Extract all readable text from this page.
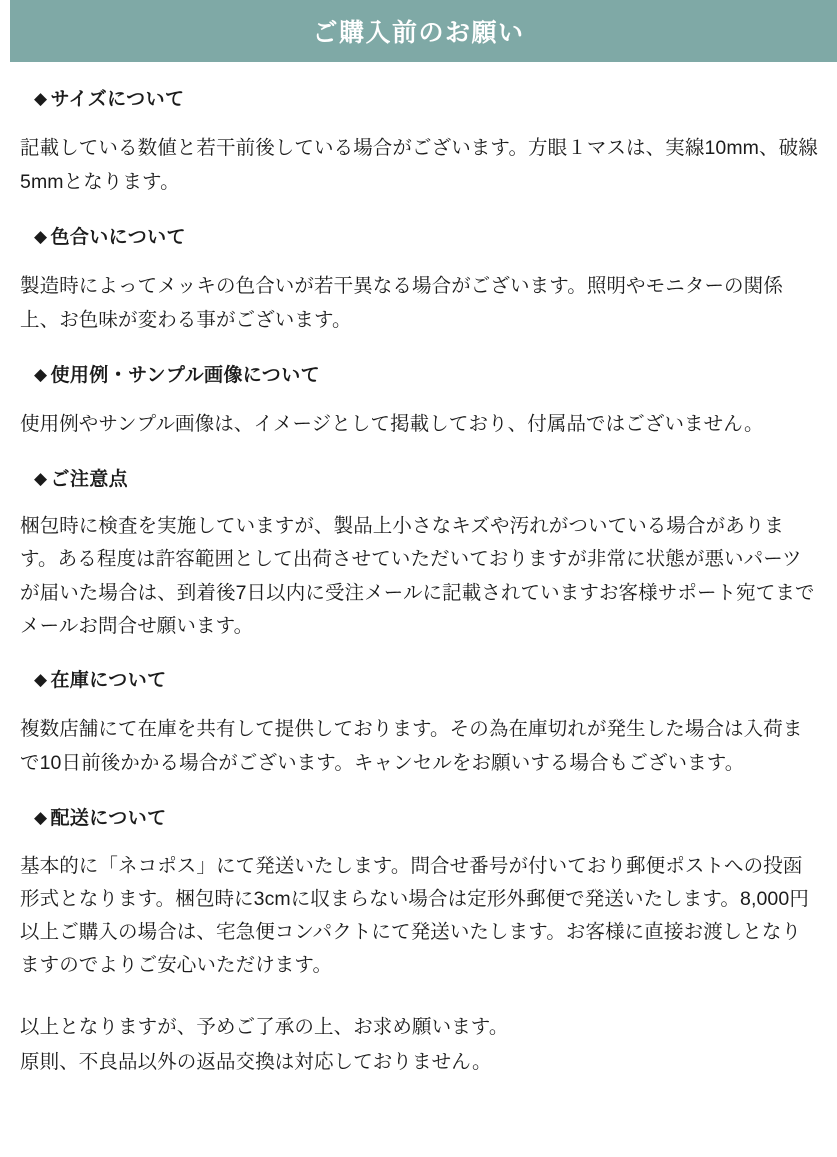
ご購入前のお願い
◆ サイズについて
記載している数値と若干前後している場合がございます。方眼１マスは、実線10mm、破線5mmとなります。
◆ 色合いについて
製造時によってメッキの色合いが若干異なる場合がございます。照明やモニターの関係上、お色味が変わる事がございます。
◆ 使用例・サンプル画像について
使用例やサンプル画像は、イメージとして掲載しており、付属品ではございません。
◆ ご注意点
梱包時に検査を実施していますが、製品上小さなキズや汚れがついている場合があります。ある程度は許容範囲として出荷させていただいておりますが非常に状態が悪いパーツが届いた場合は、到着後7日以内に受注メールに記載されていますお客様サポート宛てまでメールお問合せ願います。
◆ 在庫について
複数店舗にて在庫を共有して提供しております。その為在庫切れが発生した場合は入荷まで10日前後かかる場合がございます。キャンセルをお願いする場合もございます。
◆ 配送について
基本的に「ネコポス」にて発送いたします。問合せ番号が付いており郵便ポストへの投函形式となります。梱包時に3cmに収まらない場合は定形外郵便で発送いたします。8,000円以上ご購入の場合は、宅急便コンパクトにて発送いたします。お客様に直接お渡しとなりますのでよりご安心いただけます。
以上となりますが、予めご了承の上、お求め願います。
原則、不良品以外の返品交換は対応しておりません。
